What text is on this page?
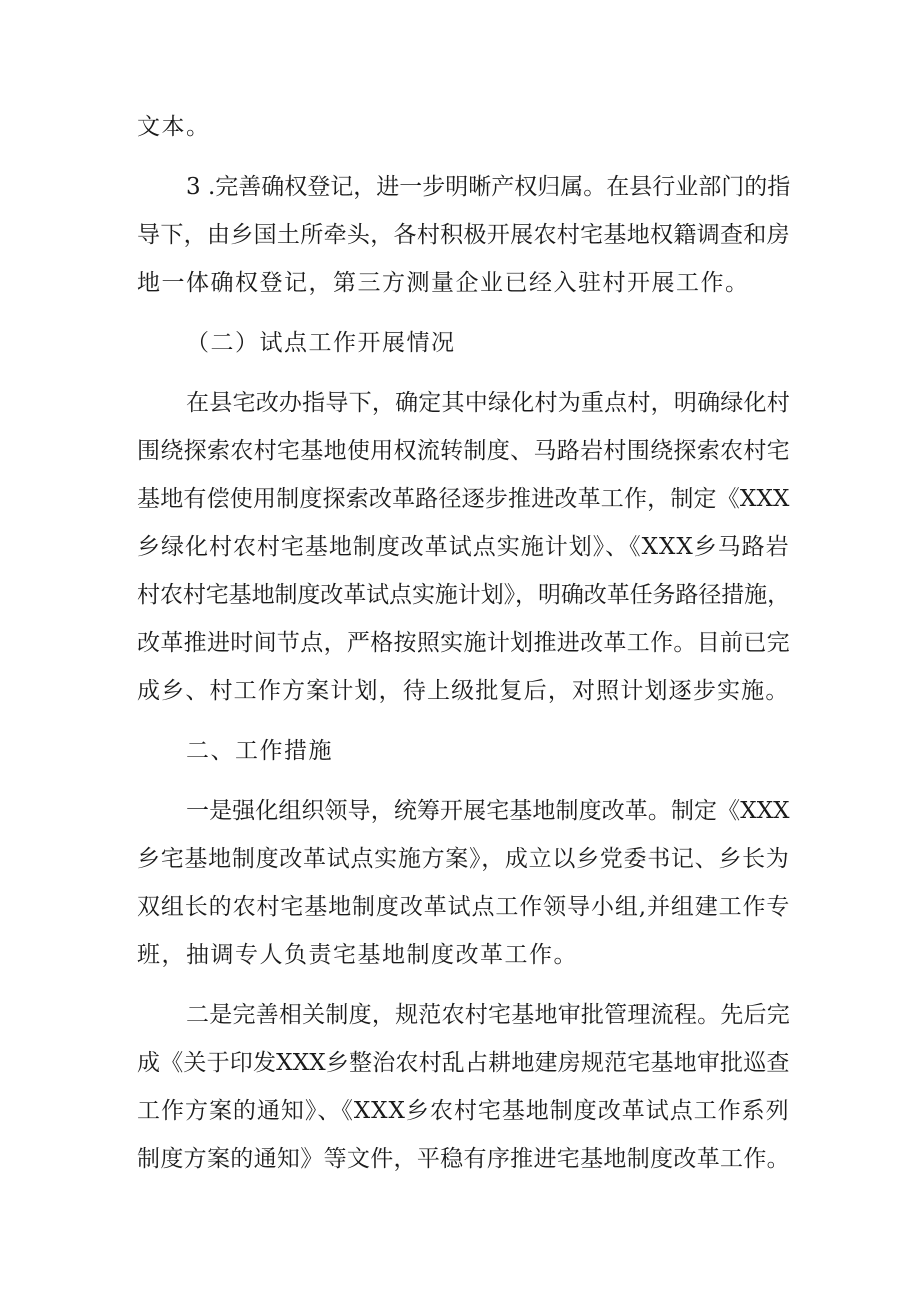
文本。
3 .完善确权登记，进一步明晰产权归属。在县行业部门的指
导下，由乡国土所牵头，各村积极开展农村宅基地权籍调查和房
地一体确权登记，第三方测量企业已经入驻村开展工作。
（二）试点工作开展情况
在县宅改办指导下，确定其中绿化村为重点村，明确绿化村
围绕探索农村宅基地使用权流转制度、马路岩村围绕探索农村宅
基地有偿使用制度探索改革路径逐步推进改革工作，制定《XXX
乡绿化村农村宅基地制度改革试点实施计划》、《XXX乡马路岩
村农村宅基地制度改革试点实施计划》，明确改革任务路径措施，
改革推进时间节点，严格按照实施计划推进改革工作。目前已完
成乡、村工作方案计划，待上级批复后，对照计划逐步实施。
二、工作措施
一是强化组织领导，统筹开展宅基地制度改革。制定《XXX
乡宅基地制度改革试点实施方案》，成立以乡党委书记、乡长为
双组长的农村宅基地制度改革试点工作领导小组,并组建工作专
班，抽调专人负责宅基地制度改革工作。
二是完善相关制度，规范农村宅基地审批管理流程。先后完
成《关于印发XXX乡整治农村乱占耕地建房规范宅基地审批巡查
工作方案的通知》、《XXX乡农村宅基地制度改革试点工作系列
制度方案的通知》等文件，平稳有序推进宅基地制度改革工作。
